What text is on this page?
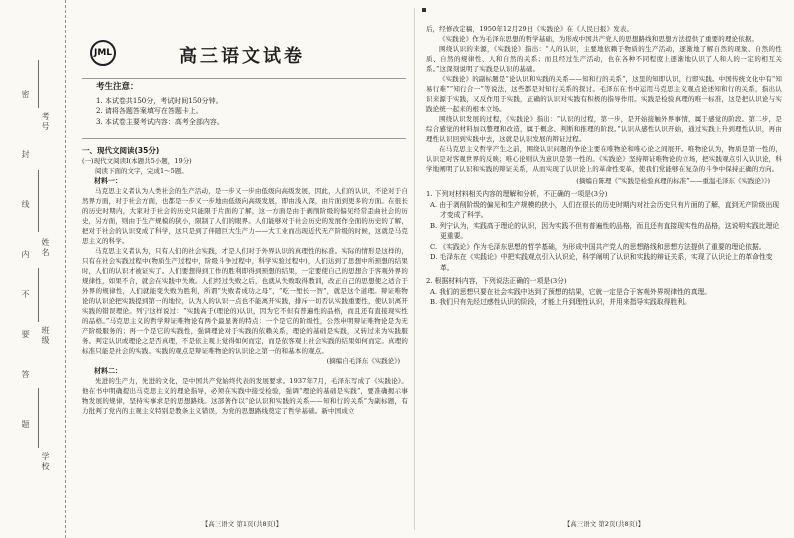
考号
姓名
班级
学校
密
封
线
内
不
要
答
题
JML	高三语文试卷
考生注意：
1. 本试卷共150分，考试时间150分钟。
2. 请将各题答案填写在答题卡上。
3. 本试卷主要考试内容：高考全部内容。
一、现代文阅读(35分)
(一)现代文阅读Ⅰ(本题共5小题，19分)
阅读下面的文字，完成1～5题。
材料一：

马克思主义者认为人类社会的生产活动，是一步又一步由低级向高级发展，因此，人们的认识，不论对于自然界方面，对于社会方面，也都是一步又一步地由低级向高级发展，即由浅入深，由片面到更多的方面。在很长的历史时期内，大家对于社会的历史只能限于片面的了解，这一方面是由于剥削阶级的偏见经常歪曲社会的历史，另方面，则由于生产规模的狭小，限制了人们的眼界。人们能够对于社会历史的发展作全面的历史的了解，把对于社会的认识变成了科学，这只是到了伴随巨大生产力——大工业而出现近代无产阶级的时候，这就是马克思主义的科学。

马克思主义者认为，只有人们的社会实践，才是人们对于外界认识的真理性的标准。实际的情形是这样的，只有在社会实践过程中(物质生产过程中，阶级斗争过程中，科学实验过程中)，人们达到了思想中所预想的结果时，人们的认识才被证实了。人们要想得到工作的胜利即得到预想的结果，一定要使自己的思想合于客观外界的规律性，如果不合，就会在实践中失败。人们经过失败之后，也就从失败取得教训，改正自己的思想使之适合于外界的规律性，人们就能变失败为胜利，所谓“失败者成功之母”，“吃一堑长一智”，就是这个道理。辩证唯物论的认识论把实践提到第一的地位，认为人的认识一点也不能离开实践，排斥一切否认实践重要性，使认识离开实践的错误理论。列宁这样说过：“实践高于(理论的)认识，因为它不但有普遍性的品格，而且还有直接现实性的品格。”马克思主义的哲学辩证唯物论有两个最显著的特点：一个是它的阶级性，公然申明辩证唯物论是为无产阶级服务的；再一个是它的实践性，强调理论对于实践的依赖关系，理论的基础是实践，又转过来为实践服务。判定认识或理论之是否真理，不是依主观上觉得如何而定，而是依客观上社会实践的结果如何而定。真理的标准只能是社会的实践。实践的观点是辩证唯物论的认识论之第一的和基本的观点。

(摘编自毛泽东《实践论》)
材料二：

先进的生产力，先进的文化，是中国共产党始终代表的发展要求。1937年7月，毛泽东写成了《实践论》。他在书中明确提出马克思主义的理论指导，必须在实践中接受检验，强调“理论的基础是实践”，要准确揭示事物发展的规律，坚持实事求是的思想路线。这部著作以“论认识和实践的关系——知和行的关系”为副标题，有力批判了党内的主观主义特别是教条主义错误，为党的思想路线奠定了哲学基础。新中国成立

【高三语文 第1页(共8页)】

后，经修改定稿，1950年12月29日《实践论》在《人民日报》发表。

《实践论》作为毛泽东思想的哲学基础，为形成中国共产党人的思想路线和思想方法提供了重要的理论依据。

围绕认识的来源，《实践论》指出：“人的认识，主要地依赖于物质的生产活动，逐渐地了解自然的现象、自然的性质、自然的规律性、人和自然的关系；而且经过生产活动，也在各种不同程度上逐渐地认识了人和人的一定的相互关系。”这深刻说明了实践是认识的基础。

《实践论》的副标题是“论认识和实践的关系——知和行的关系”，这里的知即认识，行即实践。中国传统文化中有“知易行难”“知行合一”等说法，这些都是对知行关系的探讨。毛泽东在书中运用马克思主义观点论述知和行的关系，指出认识来源于实践，又反作用于实践，正确的认识对实践有积极的指导作用。实践是检验真理的唯一标准，这是把认识论与实践论统一起来的根本立场。

围绕认识发展的过程，《实践论》指出：“认识的过程，第一步，是开始接触外界事情，属于感觉的阶段。第二步，是综合感觉的材料加以整理和改造，属于概念、判断和推理的阶段。”认识从感性认识开始，通过实践上升到理性认识，再由理性认识回到实践中去，这就是认识发展的辩证过程。

在马克思主义哲学产生之前，围绕认识问题的争论主要在唯物论和唯心论之间展开。唯物论认为，物质是第一性的，认识是对客观世界的反映；唯心论则认为意识是第一性的。《实践论》坚持辩证唯物论的立场，把实践观点引入认识论，科学地阐明了认识和实践的辩证关系，从而实现了认识论上的革命性变革，使我们党能够在复杂的斗争中保持正确的方向。

(摘编自陈理《“实践是检验真理的标准”——重温毛泽东《实践论》》)
1. 下列对材料相关内容的理解和分析，不正确的一项是(3分)
A. 由于剥削阶级的偏见和生产规模的狭小，人们在很长的历史时期内对社会历史只有片面的了解，直到无产阶级出现才变成了科学。
B. 列宁认为，实践高于理论的认识，因为实践不但有普遍性的品格，而且还有直接现实性的品格，这说明实践比理论更重要。
C. 《实践论》作为毛泽东思想的哲学基础，为形成中国共产党人的思想路线和思想方法提供了重要的理论依据。
D. 毛泽东在《实践论》中把实践观点引入认识论，科学阐明了认识和实践的辩证关系，实现了认识论上的革命性变革。
2. 根据材料内容，下列说法正确的一项是(3分)
A. 我们的思想只要在社会实践中达到了预想的结果，它就一定是合于客观外界规律性的真理。
B. 我们只有先经过感性认识的阶段，才能上升到理性认识，并用来指导实践取得胜利。
【高三语文 第2页(共8页)】
